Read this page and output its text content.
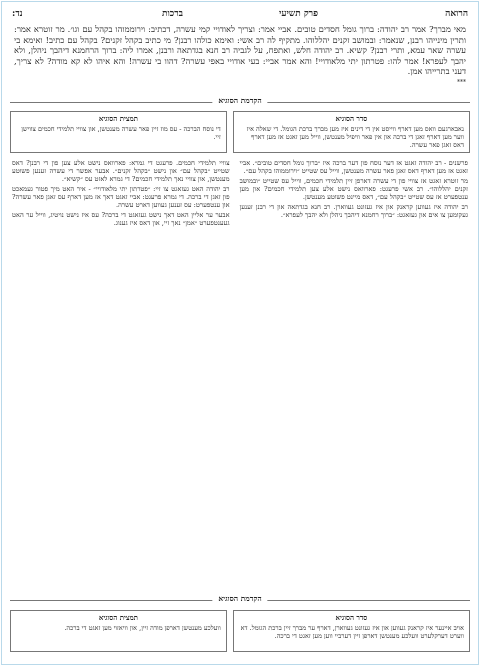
הרואה
פרק תשיעי
ברכות
נד:

מאי מברך? אמר רב יהודה: ברוך גומל חסדים טובים. אביי אמר: וצריך לאודויי קמי עשרה, דכתיב: וירוממוהו בקהל עם וגו׳. מר זוטרא אמר: ותרין מינייהו רבנן, שנאמר: ובמושב זקנים יהללוהו. מתקיף לה רב אשי: ואימא כולהו רבנן? מי כתיב בקהל זקנים? בקהל עם כתיב! ואימא בי עשרה שאר עמא, ותרי רבנן? קשיא. רב יהודה חלש, ואתפח, על לגביה רב חנא בגדתאה ורבנן, אמרו ליה: ברוך הרחמנא דיהבך ניהלן, ולא יהבך לעפרא! אמר להו: פטרתון יתי מלאודויי! והא אמר אביי: בעי אודויי באפי עשרה? דהוו בי עשרה! והא איהו לא קא מודה? לא צריך, דעני בתרייהו אמן.

***
הקדמת הסוגיא
סדר הסוגיא
נאבארגעם וואס מען דארף ווייסט אין די דינים איז מען מברך ברכת הגומל. די שאלה איז ווער מען דארף זאגן די ברכה און אין פאר וויפיל מענטשן, ווייל מען זאגט אז מען דארף דאס זאגן פאר עשרה.
תמצית הסוגיא
די נוסח הברכה - עס מוז זיין פאר עשרה מענטשן, און צוויי תלמידי חכמים צווישן זיי.

פרשנים - רב יהודה זאגט אז דער נוסח פון דער ברכה איז ״ברוך גומל חסדים טובים״. אביי זאגט אז מען דארף דאס זאגן פאר עשרה מענטשן, ווייל עס שטייט ״וירוממוהו בקהל עם״.

מר זוטרא זאגט אז צוויי פון די עשרה דארפן זיין תלמידי חכמים, ווייל עס שטייט ״ובמושב זקנים יהללוהו״. רב אשי פרעגט: פארוואס נישט אלע צען תלמידי חכמים? און מען ענטפערט אז עס שטייט ״בקהל עם״, דאס מיינט פשוטע מענטשן.

רב יהודה איז געווען קראנק און איז געזונט געווארן. רב חנא בגדתאה און די רבנן זענען געקומען צו אים און געזאגט: ״ברוך רחמנא דיהבך ניהלן ולא יהבך לעפרא״.

צוויי תלמידי חכמים. פרעגט די גמרא: פארוואס נישט אלע צען פון די רבנן? דאס שטייט ״בקהל עם״ און נישט ״בקהל זקנים״. אבער אפשר די עשרה זענען פשוטע מענטשן, און צוויי נאך תלמידי חכמים? די גמרא לאזט עס ״קשיא״.

רב יהודה האט געזאגט צו זיי: ״פטרתון יתי מלאודויי״ - איר האט מיך פטור געמאכט פון זאגן די ברכה. די גמרא פרעגט: אביי זאגט דאך אז מען דארף עס זאגן פאר עשרה? און ענטפערט: עס זענען געווען דארט עשרה.

אבער ער אליין האט דאך נישט געזאגט די ברכה? עס איז נישט נויטיג, ווייל ער האט געענטפערט ״אמן״ נאך זיי, און דאס איז גענוג.

סדר הסוגיא
אויב איינער איז קראנק געווען און איז געזונט געווארן, דארף ער מברך זיין ברכת הגומל. דא ווערט דערקלערט וועלכע מענטשן דארפן זיין דערביי ווען מען זאגט די ברכה.
תמצית הסוגיא
וועלכע מענטשן דארפן מודה זיין, און וויאזוי מען זאגט די ברכה.
הקדמת הסוגיא
